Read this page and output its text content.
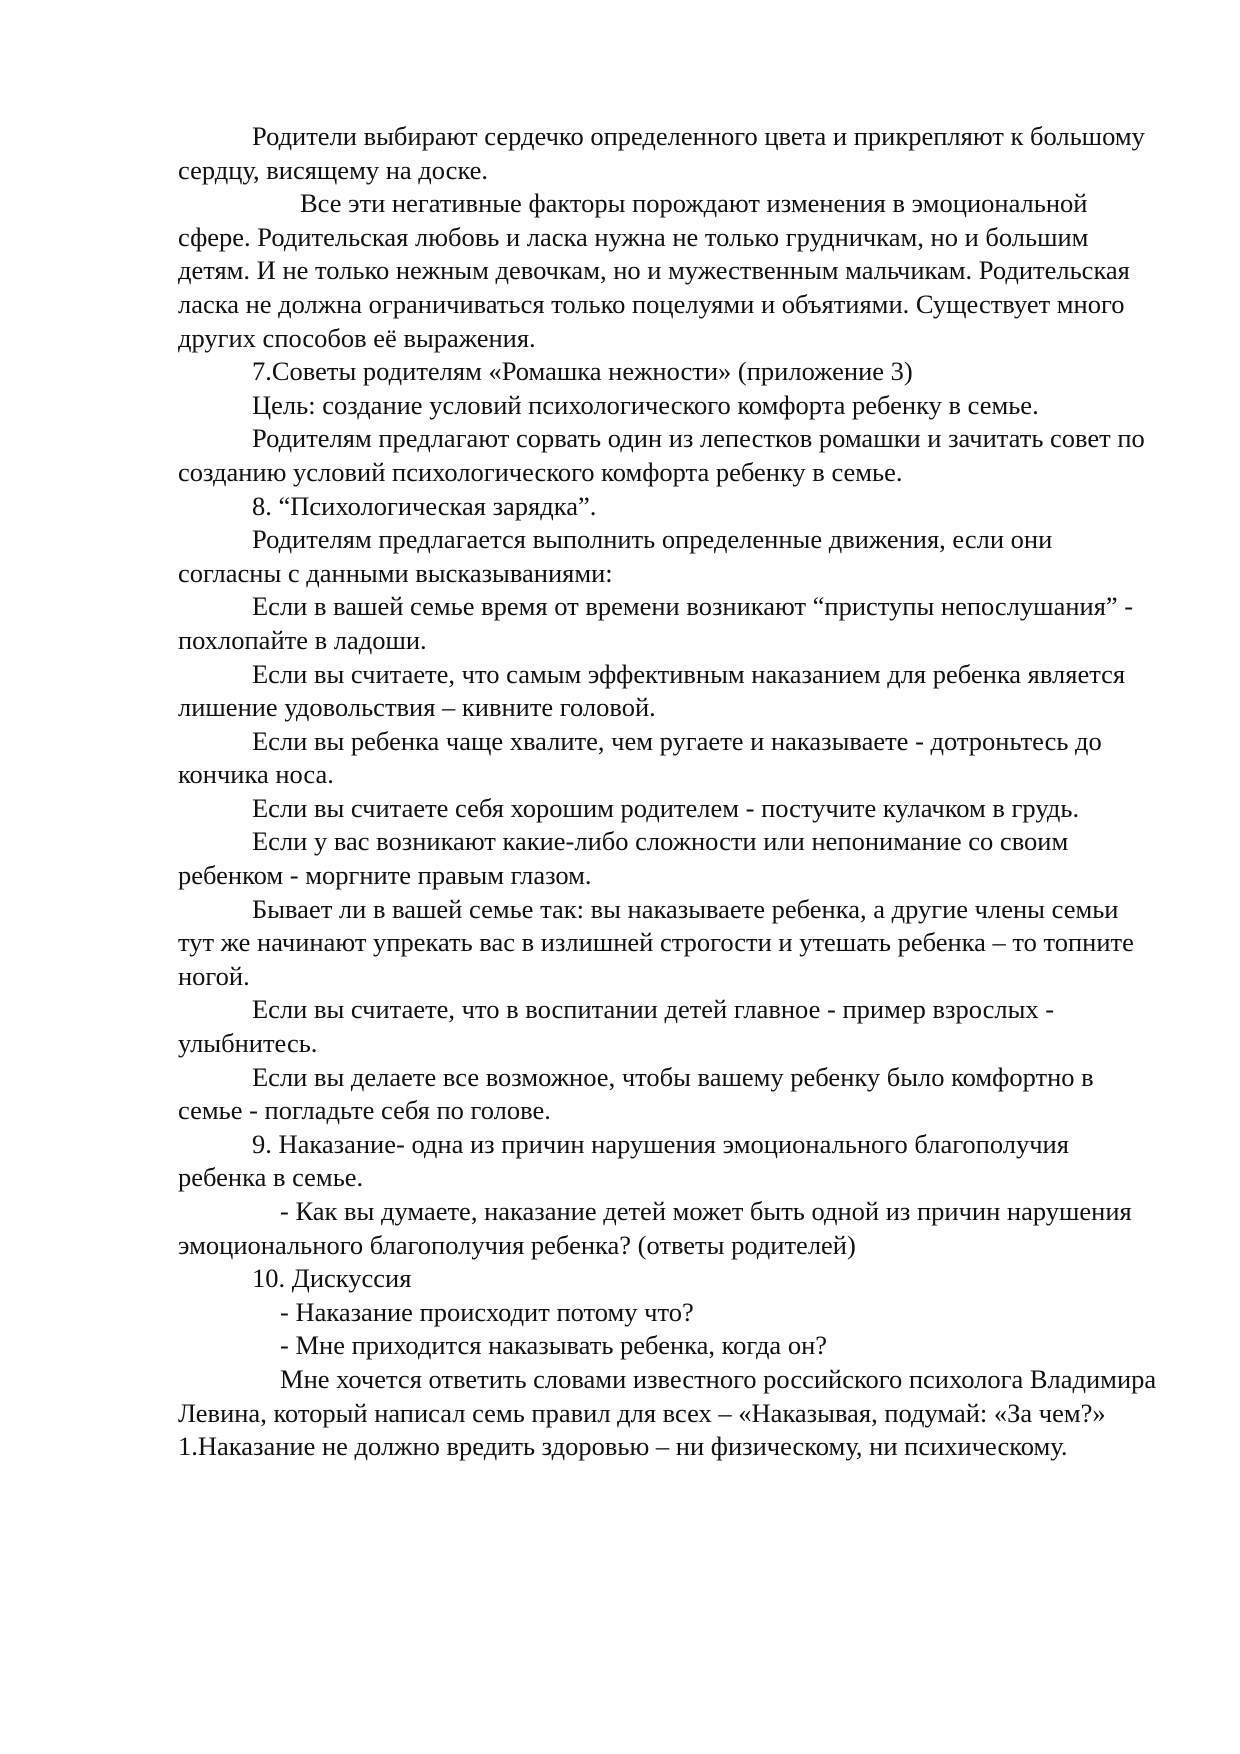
Родители выбирают сердечко определенного цвета и прикрепляют к большому сердцу, висящему на доске.

Все эти негативные факторы порождают изменения в эмоциональной сфере. Родительская любовь и ласка нужна не только грудничкам, но и большим детям. И не только нежным девочкам, но и мужественным мальчикам. Родительская ласка не должна ограничиваться только поцелуями и объятиями. Существует много других способов её выражения.

7.Советы родителям «Ромашка нежности» (приложение 3)

Цель: создание условий психологического комфорта ребенку в семье.

Родителям предлагают сорвать один из лепестков ромашки и зачитать совет по созданию условий психологического комфорта ребенку в семье.

8. “Психологическая зарядка”.

Родителям предлагается выполнить определенные движения, если они согласны с данными высказываниями:

Если в вашей семье время от времени возникают “приступы непослушания” - похлопайте в ладоши.

Если вы считаете, что самым эффективным наказанием для ребенка является лишение удовольствия – кивните головой.

Если вы ребенка чаще хвалите, чем ругаете и наказываете - дотроньтесь до кончика носа.

Если вы считаете себя хорошим родителем - постучите кулачком в грудь.

Если у вас возникают какие-либо сложности или непонимание со своим ребенком - моргните правым глазом.

Бывает ли в вашей семье так: вы наказываете ребенка, а другие члены семьи тут же начинают упрекать вас в излишней строгости и утешать ребенка – то топните ногой.

Если вы считаете, что в воспитании детей главное - пример взрослых - улыбнитесь.

Если вы делаете все возможное, чтобы вашему ребенку было комфортно в семье - погладьте себя по голове.

9. Наказание- одна из причин нарушения эмоционального благополучия ребенка в семье.

- Как вы думаете, наказание детей может быть одной из причин нарушения эмоционального благополучия ребенка? (ответы родителей)

10. Дискуссия

- Наказание происходит потому что?

- Мне приходится наказывать ребенка, когда он?

Мне хочется ответить словами известного российского психолога Владимира Левина, который написал семь правил для всех – «Наказывая, подумай: «За чем?»

1.Наказание не должно вредить здоровью – ни физическому, ни психическому.
